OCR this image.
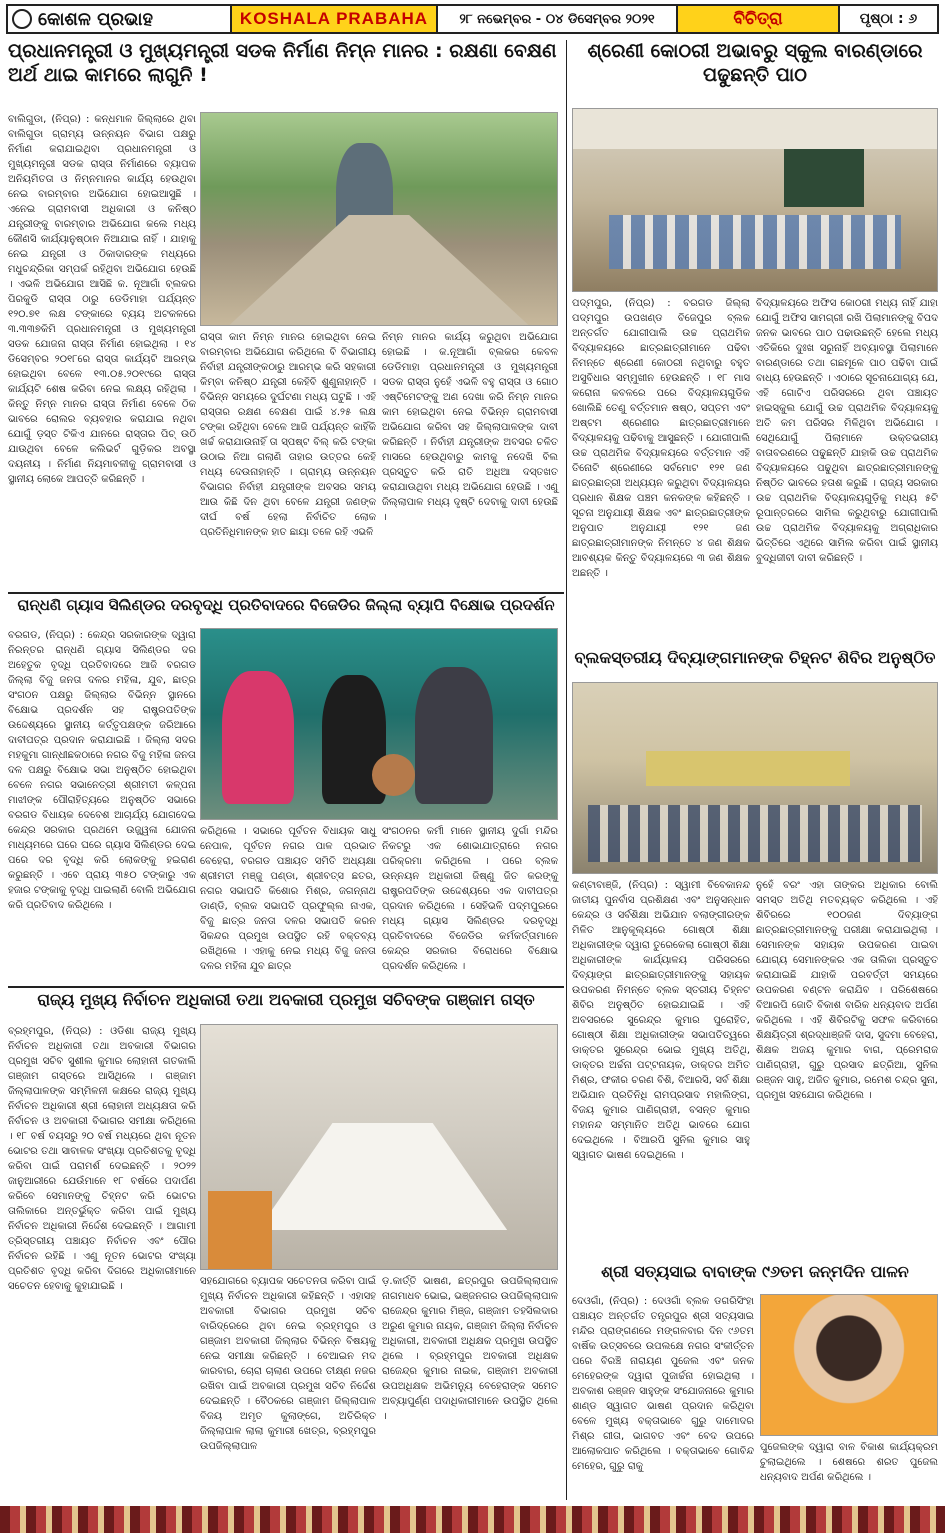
କୋଶଳ ପ୍ରଭାହ	KOSHALA PRABAHA	୨୮ ନଭେମ୍ବର - ୦୪ ଡିସେମ୍ବର ୨୦୨୧	ବିଚିତ୍ରା	ପୃଷ୍ଠା : ୬
ପ୍ରଧାନମନ୍ତ୍ରୀ ଓ ମୁଖ୍ୟମନ୍ତ୍ରୀ ସଡକ ନିର୍ମାଣ ନିମ୍ନ ମାନର : ରକ୍ଷଣା ବେକ୍ଷଣ ଅର୍ଥ ଥାଇ କାମରେ ଲାଗୁନି !
ବାଲିଗୁଡା, (ନିପ୍ର) : କନ୍ଧମାଳ ଜିଲ୍ଲାରେ ଥିବା ବାଲିଗୁଡା ଗ୍ରାମ୍ୟ ଉନ୍ନୟନ ବିଭାଗ ପକ୍ଷରୁ ନିର୍ମାଣ କରାଯାଇଥିବା ପ୍ରଧାନମନ୍ତ୍ରୀ ଓ ମୁଖ୍ୟମନ୍ତ୍ରୀ ସଡକ ରାସ୍ତା ନିର୍ମାଣରେ ବ୍ୟାପକ ଅନିୟମିତତା ଓ ନିମ୍ନମାନର କାର୍ଯ୍ୟ ହେଉଥିବା ନେଇ ବାରମ୍ବାର ଅଭିଯୋଗ ହୋଇଆସୁଛି । ଏନେଇ ଗ୍ରାମବାସୀ ଅଧିକାରୀ ଓ କନିଷ୍ଠ ଯନ୍ତ୍ରୀଙ୍କୁ ବାରମ୍ବାର ଅଭିଯୋଗ କଲେ ମଧ୍ୟ କୌଣସି କାର୍ଯ୍ୟାନୁଷ୍ଠାନ ନିଆଯାଇ ନାହିଁ । ଯାହାକୁ ନେଇ ଯନ୍ତ୍ରୀ ଓ ଠିକାଦାରଙ୍କ ମଧ୍ୟରେ ମଧୁଚନ୍ଦ୍ରିକା ସମ୍ପର୍କ ରହିଥିବା ଅଭିଯୋଗ ହେଉଛି । ଏଭଳି ଅଭିଯୋଗ ଆସିଛି କ. ନୂଆଗାଁ ବ୍ଲକର ପିରକୁଡି ରାସ୍ତା ଠାରୁ ଡେଡିମାହା ପର୍ଯ୍ୟନ୍ତ ୧୨୦.୭୧ ଲକ୍ଷ ଟଙ୍କାରେ ବ୍ୟୟ ଅଟକଳରେ ୩.୩୩୭କିମି ପ୍ରଧାନମନ୍ତ୍ରୀ ଓ ମୁଖ୍ୟମନ୍ତ୍ରୀ ସଡକ ଯୋଜନା ରାସ୍ତା ନିର୍ମାଣ ହୋଇଥିଲା । ୧୪ ଡିସେମ୍ବର ୨୦୧୮ରେ ରାସ୍ତା କାର୍ଯ୍ୟଟି ଆରମ୍ଭ ହୋଇଥିବା ବେଳେ ୧୩.୦୫.୨୦୧୯ରେ ରାସ୍ତା କାର୍ଯ୍ୟଟି ଶେଷ କରିବା ନେଇ ଲକ୍ଷ୍ୟ ରହିଥିଲା । କିନ୍ତୁ ନିମ୍ନ ମାନର ରାସ୍ତା ନିର୍ମାଣ ବେଳେ ଠିକ ଭାବରେ ରୋଲର ବ୍ୟବହାର କରାଯାଇ ନଥିବା ଯୋଗୁଁ ଡ଼ସ୍ତ ଟିକିଏ ଯାନରେ ରାସ୍ତାର ପିଚ୍ ଉଠି ଯାଉଥିବା ବେଳେ କଲିଭର୍ଟ ଗୁଡ଼ିକର ଅବସ୍ଥା ଦୟନୀୟ । ନିର୍ମାଣ ନିୟମାବଳୀକୁ ଗ୍ରାମବାସୀ ଓ ସ୍ଥାନୀୟ ଲୋକେ ଆପତ୍ତି କରିଛନ୍ତି ।
ରାସ୍ତା କାମ ନିମ୍ନ ମାନର ହୋଇଥିବା ନେଇ ବାରମ୍ବାର ଅଭିଯୋଗ କରିଥିଲେ ବି ବିଭାଗୀୟ ନିର୍ବାହୀ ଯନ୍ତ୍ରୀଙ୍କଠାରୁ ଆରମ୍ଭ କରି ସହକାରୀ କିମ୍ବା କନିଷ୍ଠ ଯନ୍ତ୍ରୀ କେହିବି ଶୁଣୁନାହାନ୍ତି । ବିଭିନ୍ନ ସମୟରେ ଦୁର୍ଘଟଣା ମଧ୍ୟ ଘଟୁଛି । ଏହି ରାସ୍ତାର ରକ୍ଷଣ ବେକ୍ଷଣ ପାଇଁ ୪.୨୫ ଲକ୍ଷ ଟଙ୍କା ରହିଥିବା ବେଳେ ଆଜି ପର୍ଯ୍ୟନ୍ତ କାହିଁକି ଖର୍ଚ୍ଚ କରାଯାଉନାହିଁ ତା ସ୍ପଷ୍ଟ ବିଲ୍ କରି ଟଙ୍କା ଉଠାଇ ନିଆ ଗଲାଣି ତାହାର ଉତ୍ତର କେହି ମଧ୍ୟ ଦେଉନାହାନ୍ତି । ଗ୍ରାମ୍ୟ ଉନ୍ନୟନ ବିଭାଗର ନିର୍ବାହୀ ଯନ୍ତ୍ରୀଙ୍କ ଅବସର ସମୟ ଆଉ କିଛି ଦିନ ଥିବା ବେଳେ ଯନ୍ତ୍ରୀ ଜଣଙ୍କ ଦୀର୍ଘ ବର୍ଷ ହେଲା ନିର୍ବାଚିତ ଲୋକ ପ୍ରତିନିଧିମାନଙ୍କ ହାତ ଛାୟା ତଳେ ରହି ଏଭଳି
ନିମ୍ନ ମାନର କାର୍ଯ୍ୟ କରୁଥିବା ଅଭିଯୋଗ ହୋଇଛି । କ.ନୂଆଗାଁ ବ୍ଲକର କେବଳ ଡେଡିମାହା ପ୍ରଧାନମନ୍ତ୍ରୀ ଓ ମୁଖ୍ୟମନ୍ତ୍ରୀ ସଡକ ରାସ୍ତା ନୁହେଁ ଏଭଳି ବହୁ ରାସ୍ତା ଓ ଗୋଠ ଏଷ୍ଟିମେଟଙ୍କୁ ଅଣ ଦେଖା କରି ନିମ୍ନ ମାନର କାମ ହୋଇଥିବା ନେଇ ବିଭିନ୍ନ ଗ୍ରାମବାସୀ ଅଭିଯୋଗ କରିବା ସହ ଜିଲ୍ଲାପାଳଙ୍କ ଦାବୀ କରିଛନ୍ତି । ନିର୍ବାହୀ ଯନ୍ତ୍ରୀଙ୍କ ଅବସର ଚଳିତ ମାସରେ ହେଉଥିବାରୁ କାମକୁ ନଦେଖି ବିଲ ପ୍ରସ୍ତୁତ କରି ରାତି ଅଧିଆ ଦସ୍ତଖତ କରାଯାଉଥିବା ମଧ୍ୟ ଅଭିଯୋଗ ହେଉଛି । ଏଣୁ ଜିଲ୍ଲାପାଳ ମଧ୍ୟ ଦୃଷ୍ଟି ଦେବାକୁ ଦାବୀ ହେଉଛି ।
ଶ୍ରେଣୀ କୋଠରୀ ଅଭାବରୁ ସ୍କୁଲ ବାରଣ୍ଡାରେ ପଢୁଛନ୍ତି ପାଠ
ପଦ୍ମପୁର, (ନିପ୍ର) : ବରଗଡ ଜିଲ୍ଲା ପଦ୍ମପୁର ଉପଖଣ୍ଡ ବିଜେପୁର ବ୍ଲକ ଅନ୍ତର୍ଗତ ଯୋଗୀପାଲି ଉଚ୍ଚ ପ୍ରାଥମିକ ବିଦ୍ୟାଳୟରେ ଛାତ୍ରଛାତ୍ରୀମାନେ ପଢିବା ନିମନ୍ତେ ଶ୍ରେଣୀ କୋଠରୀ ନଥିବାରୁ ବହୁତ ଅସୁବିଧାର ସମ୍ମୁଖୀନ ହେଉଛନ୍ତି । ୧୮ ମାସ କରୋନା କବଳରେ ପରେ ବିଦ୍ୟାଳୟଗୁଡିକ ଖୋଲିଛି ତେଣୁ ବର୍ତ୍ତମାନ ଷଷ୍ଠ, ସପ୍ତମ ଏବଂ ଅଷ୍ଟମ ଶ୍ରେଣୀର ଛାତ୍ରଛାତ୍ରୀମାନେ ବିଦ୍ୟାଳୟକୁ ପଢିବାକୁ ଆସୁଛନ୍ତି । ଯୋଗୀପାଲି ଉଚ୍ଚ ପ୍ରାଥମିକ ବିଦ୍ୟାଳୟରେ ବର୍ତ୍ତମାନ ଏହି ତିନୋଟି ଶ୍ରେଣୀରେ ସର୍ବମୋଟ ୧୨୧ ଜଣ ଛାତ୍ରଛାତ୍ରୀ ଅଧ୍ୟୟନ କରୁଥିବା ବିଦ୍ୟାଳୟର ପ୍ରଧାନ ଶିକ୍ଷକ ପଞ୍ଚମ କନକଙ୍କ କହିଛନ୍ତି । ସୂଚନା ଅନୁଯାୟୀ ଶିକ୍ଷକ ଏବଂ ଛାତ୍ରଛାତ୍ରୀଙ୍କ ଅନୁପାତ ଅନୁଯାୟୀ ୧୨୧ ଜଣ ଛାତ୍ରଛାତ୍ରୀମାନଙ୍କ ନିମନ୍ତେ ୪ ଜଣ ଶିକ୍ଷକ ଆବଶ୍ୟକ କିନ୍ତୁ ବିଦ୍ୟାଳୟରେ ୩ ଜଣ ଶିକ୍ଷକ ଅଛନ୍ତି ।
ବିଦ୍ୟାଳୟରେ ଅଫିସ କୋଠରୀ ମଧ୍ୟ ନାହିଁ ଯାହା ଯୋଗୁଁ ଅଫିସ ସାମଗ୍ରୀ ରଖି ପିଲାମାନଙ୍କୁ ବିପଦ ଜନକ ଭାବରେ ପାଠ ପଢାଉଛନ୍ତି ହେଲେ ମଧ୍ୟ ଏତିକିରେ ଦୁଃଖ ସରୁନାହିଁ ଅବ୍ୟାବସ୍ଥା ପିଲାମାନେ ବାରଣ୍ଡାରେ ତଥା ଗଛମୂଳେ ପାଠ ପଢିବା ପାଇଁ ବାଧ୍ୟ ହେଉଛନ୍ତି । ଏଠାରେ ସୂଚନାଯୋଗ୍ୟ ଯେ, ଏହି ଗୋଟିଏ ପରିସରରେ ଥିବା ପଞ୍ଚାୟତ ହାଇସ୍କୁଲ ଯୋଗୁଁ ଉଚ୍ଚ ପ୍ରାଥମିକ ବିଦ୍ୟାଳୟକୁ ଅତି କମ ପରିସର ମିଳିଥିବା ଅଭିଯୋଗ । ସେଥିଯୋଗୁଁ ପିଲାମାନେ ଉକ୍ତଭରୀୟ ବାତାବରଣରେ ପଢୁଛନ୍ତି ଯାହାକି ଉଚ୍ଚ ପ୍ରାଥମିକ ବିଦ୍ୟାଳୟରେ ପଢୁଥିବା ଛାତ୍ରଛାତ୍ରୀମାନଙ୍କୁ ନିଷ୍ଠିତ ଭାବରେ ହତାଶ କରୁଛି । ରାଜ୍ୟ ସରକାର ଉଚ୍ଚ ପ୍ରାଥମିକ ବିଦ୍ୟାଳୟଗୁଡ଼ିକୁ ମଧ୍ୟ ୫ଟି ରୂପାନ୍ତରରେ ସାମିଲ କରୁଥିବାରୁ ଯୋଗୀପାଲି ଉଚ୍ଚ ପ୍ରାଥମିକ ବିଦ୍ୟାଳୟକୁ ଅଗ୍ରାଧିକାର ଭିତ୍ତିରେ ଏଥିରେ ସାମିଲ କରିବା ପାଇଁ ସ୍ଥାନୀୟ ବୁଦ୍ଧିଜୀବୀ ଦାବୀ କରିଛନ୍ତି ।
ରାନ୍ଧଣି ଗ୍ୟାସ ସିଲିଣ୍ଡର ଦରବୃଦ୍ଧି ପ୍ରତିବାଦରେ ବିଜେଡିର ଜିଲ୍ଲା ବ୍ୟାପି ବିକ୍ଷୋଭ ପ୍ରଦର୍ଶନ
ବରଗଡ, (ନିପ୍ର) : କେନ୍ଦ୍ର ସରକାରଙ୍କ ଦ୍ୱାରା ନିରନ୍ତର ରାନ୍ଧଣି ଗ୍ୟାସ ସିଲିଣ୍ଡର ଦର ଅହେତୁକ ବୃଦ୍ଧି ପ୍ରତିବାଦରେ ଆଜି ବରଗଡ ଜିଲ୍ଲା ବିଜୁ ଜନତା ଦଳର ମହିଳା, ଯୁବ, ଛାତ୍ର ସଂଗଠନ ପକ୍ଷରୁ ଜିଲ୍ଲାର ବିଭିନ୍ନ ସ୍ଥାନରେ ବିକ୍ଷୋଭ ପ୍ରଦର୍ଶନ ସହ ରାଷ୍ଟ୍ରପତିଙ୍କ ଉଦ୍ଦେଶ୍ୟରେ ସ୍ଥାନୀୟ କର୍ତ୍ତୃପକ୍ଷଙ୍କ ଜରିଆରେ ଦାବୀପତ୍ର ପ୍ରଦାନ କରାଯାଇଛି । ଜିଲ୍ଲା ସଦର ମହକୁମା ଗାନ୍ଧୀଛକଠାରେ ନଗର ବିଜୁ ମହିଳା ଜନତା ଦଳ ପକ୍ଷରୁ ବିକ୍ଷୋଭ ସଭା ଅନୁଷ୍ଠିତ ହୋଇଥିବା ବେଳେ ନଗର ସଭାନେତ୍ରୀ ଶ୍ରୀମତୀ କଳ୍ପନା ମାଝୀଙ୍କ ପୌରାହିତ୍ୟରେ ଅନୁଷ୍ଠିତ ସଭାରେ ବରଗଡ ବିଧାୟକ ଦେବେଶ ଆଚାର୍ଯ୍ୟ ଯୋଗଦେଇ କେନ୍ଦ୍ର ସରକାର ପ୍ରଥମେ ଉଜ୍ଜ୍ୱଳା ଯୋଜନା ମାଧ୍ୟମରେ ଘରେ ଘରେ ଗ୍ୟାସ ସିଲିଣ୍ଡର ଦେଇ ପରେ ଦର ବୃଦ୍ଧି କରି ଲୋକଙ୍କୁ ହଇରାଣ କରୁଛନ୍ତି । ଏବେ ପ୍ରାୟ ୩୫୦ ଟଙ୍କାରୁ ଏକ ହଜାର ଟଙ୍କାକୁ ବୃଦ୍ଧି ପାଇଲାଣି ବୋଲି ଅଭିଯୋଗ କରି ପ୍ରତିବାଦ କରିଥିଲେ ।
କରିଥିଲେ । ସଭାରେ ପୂର୍ବତନ ବିଧାୟକ ସାଧୁ ନେପାଳ, ପୂର୍ବତନ ନଗର ପାଳ ପ୍ରଭାତ ବେହେରା, ବରଗଡ ପଞ୍ଚାୟତ ସମିତି ଅଧ୍ୟକ୍ଷା ଶ୍ରୀମତୀ ମଞ୍ଜୁ ପଣ୍ଡା, ଶ୍ରୀବତ୍ସ ଛତର, ନଗର ସଭାପତି କିଶୋର ମିଶ୍ର, ଜଗନ୍ନାଥ ଡାଣ୍ଡି, ବ୍ଲକ ସଭାପତି ପ୍ରଫୁଲ୍ଲ ନାଏକ, ବିଜୁ ଛାତ୍ର ଜନତା ଦଳର ସଭାପତି କରନ ସିକନ୍ଦର ପ୍ରମୁଖ ଉପସ୍ଥିତ ରହି ବକ୍ତବ୍ୟ ରଖିଥିଲେ । ଏହାକୁ ନେଇ ମଧ୍ୟ ବିଜୁ ଜନତା ଦଳର ମହିଳା ଯୁବ ଛାତ୍ର
ସଂଗଠନର କର୍ମୀ ମାନେ ସ୍ଥାନୀୟ ଦୁର୍ଗା ମନ୍ଦିର ନିକଟରୁ ଏକ ଶୋଭାଯାତ୍ରାରେ ନଗର ପରିକ୍ରମା କରିଥିଲେ । ପରେ ବ୍ଲକ ଉନ୍ନୟନ ଅଧିକାରୀ ଜିଷ୍ଣୁ ଜିତ କରଙ୍କୁ ରାଷ୍ଟ୍ରପତିଙ୍କ ଉଦ୍ଦେଶ୍ୟରେ ଏକ ଦାବୀପତ୍ର ପ୍ରଦାନ କରିଥିଲେ । ସେହିଭଳି ପଦ୍ମପୁରରେ ମଧ୍ୟ ଗ୍ୟାସ ସିଲିଣ୍ଡର ଦରବୃଦ୍ଧି ପ୍ରତିବାଦରେ ବିଜେଡିର କର୍ମକର୍ତ୍ତାମାନେ କେନ୍ଦ୍ର ସରକାର ବିରୋଧରେ ବିକ୍ଷୋଭ ପ୍ରଦର୍ଶନ କରିଥିଲେ ।
ବ୍ଲକସ୍ତରୀୟ ଦିବ୍ୟାଙ୍ଗମାନଙ୍କ ଚିହ୍ନଟ ଶିବିର ଅନୁଷ୍ଠିତ
କଣ୍ଟାବାଞ୍ଜି, (ନିପ୍ର) : ସ୍ୱାମୀ ବିବେକାନନ୍ଦ ଜାତୀୟ ପୁନର୍ବାସ ପ୍ରଶିକ୍ଷଣ ଏବଂ ଅନୁସନ୍ଧାନ କେନ୍ଦ୍ର ଓ ସର୍ବଶିକ୍ଷା ଅଭିଯାନ ବଲାଙ୍ଗୀରଙ୍କ ମିଳିତ ଆନୁକୂଲ୍ୟରେ ଗୋଷ୍ଠୀ ଶିକ୍ଷା ଅଧିକାରୀଙ୍କ ଦ୍ୱାରା ତୁରେକେଲା ଗୋଷ୍ଠୀ ଶିକ୍ଷା ଅଧିକାରୀଙ୍କ କାର୍ଯ୍ୟାଳୟ ପରିସରରେ ଦିବ୍ୟାଙ୍ଗ ଛାତ୍ରଛାତ୍ରୀମାନଙ୍କୁ ସହାୟକ ଉପକରଣ ନିମନ୍ତେ ବ୍ଲକ ସ୍ତରୀୟ ଚିହ୍ନଟ ଶିବିର ଅନୁଷ୍ଠିତ ହୋଇଯାଇଛି । ଏହି ଅବସରରେ ସୁରେନ୍ଦ୍ର କୁମାର ପୁରୋହିତ, ଗୋଷ୍ଠୀ ଶିକ୍ଷା ଅଧିକାରୀଙ୍କ ସଭାପତିତ୍ୱରେ ଡାକ୍ତର ସୁରେନ୍ଦ୍ର ଭୋଇ ମୁଖ୍ୟ ଅତିଥି, ଡାକ୍ତର ଅର୍ଚ୍ଚନା ପଟ୍ଟନାୟକ, ଡାକ୍ତର ଅମିତ ମିଶ୍ର, ଫକୀର ଚରଣ ବିଶି, ବିଆରସି, ସର୍ବ ଶିକ୍ଷା ଅଭିଯାନ ପ୍ରତିନିଧି ରାମପ୍ରସାଦ ମହାଲିଙ୍ଗ, ବିଜୟ କୁମାର ପାଣିଗ୍ରାହୀ, ବସନ୍ତ କୁମାର ମହାନନ୍ଦ ସମ୍ମାନିତ ଅତିଥି ଭାବରେ ଯୋଗ ଦେଇଥିଲେ । ବିଆରପି ସୁନିଲ କୁମାର ସାହୁ ସ୍ୱାଗତ ଭାଷଣ ଦେଇଥିଲେ ।
ନୁହେଁ ବରଂ ଏହା ତାଙ୍କର ଅଧିକାର ବୋଲି ସମସ୍ତ ଅତିଥି ମତବ୍ୟକ୍ତ କରିଥିଲେ । ଏହି ଶିବିରରେ ୧୦୦ଜଣ ଦିବ୍ୟାଙ୍ଗ ଛାତ୍ରଛାତ୍ରୀମାନଙ୍କୁ ପରୀକ୍ଷା କରାଯାଇଥିଲା । ସେମାନଙ୍କ ସହାୟକ ଉପକରଣ ପାଇବା ଯୋଗ୍ୟ ସେମାନଙ୍କର ଏକ ତାଲିକା ପ୍ରସ୍ତୁତ କରାଯାଇଛି ଯାହାକି ପରବର୍ତ୍ତୀ ସମୟରେ ଉପକରଣ ବଣ୍ଟନ କରାଯିବ । ପରିଶେଷରେ ବିଆରପି ଜୋତି ବିକାଶ ବାରିକ ଧନ୍ୟବାଦ ଅର୍ପଣ କରିଥିଲେ । ଏହି ଶିବିରଟିକୁ ସଫଳ କରିବାରେ ଶିକ୍ଷୟିତ୍ରୀ ଶ୍ରଦ୍ଧାଞ୍ଜଳି ଦାସ, ସୁଦମା ବେହେରା, ଶିକ୍ଷକ ଅଜୟ କୁମାର ବାଗ, ପ୍ରେମରାଜ ପାଣିଗ୍ରାହୀ, ଗୁରୁ ପ୍ରସାଦ ଛତ୍ରିଆ, ସୁନିଲ ରଞ୍ଜନ ସାହୁ, ଅଜିତ କୁମାର, ରମେଶ ଚନ୍ଦ୍ର ସୁନା, ପ୍ରମୁଖ ସହଯୋଗ କରିଥିଲେ ।
ରାଜ୍ୟ ମୁଖ୍ୟ ନିର୍ବାଚନ ଅଧିକାରୀ ତଥା ଅବକାରୀ ପ୍ରମୁଖ ସଚିବଙ୍କ ଗଞ୍ଜାମ ଗସ୍ତ
ବ୍ରହ୍ମପୁର, (ନିପ୍ର) : ଓଡିଶା ରାଜ୍ୟ ମୁଖ୍ୟ ନିର୍ବାଚନ ଅଧିକାରୀ ତଥା ଅବକାରୀ ବିଭାଗର ପ୍ରମୁଖ ସଚିବ ସୁଶୀଲ କୁମାର ଲୋହାନୀ ଗତକାଲି ଗଞ୍ଜାମ ଗସ୍ତରେ ଆସିଥିଲେ । ଗଞ୍ଜାମ ଜିଲ୍ଲାପାଳଙ୍କ ସମ୍ମିଳନୀ କକ୍ଷରେ ରାଜ୍ୟ ମୁଖ୍ୟ ନିର୍ବାଚନ ଅଧିକାରୀ ଶ୍ରୀ ଲୋହାନୀ ଅଧ୍ୟକ୍ଷତା କରି ନିର୍ବାଚନ ଓ ଅବକାରୀ ବିଭାଗର ସମୀକ୍ଷା କରିଥିଲେ । ୧୮ ବର୍ଷ ବୟସରୁ ୨୦ ବର୍ଷ ମଧ୍ୟରେ ଥିବା ନୂତନ ଭୋଟର ତଥା ସାବାଳକ ସଂଖ୍ୟା ପ୍ରତିଶତକୁ ବୃଦ୍ଧି କରିବା ପାଇଁ ପରାମର୍ଶ ଦେଇଛନ୍ତି । ୨୦୨୨ ଜାନୁଆରୀରେ ଯେଉଁମାନେ ୧୮ ବର୍ଷରେ ପଦାର୍ପଣ କରିବେ ସେମାନଙ୍କୁ ଚିହ୍ନଟ କରି ଭୋଟର ତାଲିକାରେ ଅନ୍ତର୍ଭୁକ୍ତ କରିବା ପାଇଁ ମୁଖ୍ୟ ନିର୍ବାଚନ ଅଧିକାରୀ ନିର୍ଦ୍ଦେଶ ଦେଇଛନ୍ତି । ଆଗାମୀ ତ୍ରିସ୍ତରୀୟ ପଞ୍ଚାୟତ ନିର୍ବାଚନ ଏବଂ ପୌର ନିର୍ବାଚନ ରହିଛି । ଏଣୁ ନୂତନ ଭୋଟର ସଂଖ୍ୟା ପ୍ରତିଶତ ବୃଦ୍ଧି କରିବା ଦିଗରେ ଅଧିକାରୀମାନେ ସଚେତନ ହେବାକୁ କୁହାଯାଇଛି ।	ସହଯୋଗରେ ବ୍ୟାପକ ସଚେତନତା କରିବା ପାଇଁ ମୁଖ୍ୟ ନିର୍ବାଚନ ଅଧିକାରୀ କହିଛନ୍ତି । ଏହାସହ ଅବକାରୀ ବିଭାଗର ପ୍ରମୁଖ ସଚିବ ବାରିଦ୍ରେରେ ଥିବା ନେଇ ବ୍ରହ୍ମପୁର ଓ ଗଞ୍ଜାମ ଅବକାରୀ ଜିଲ୍ଲାର ବିଭିନ୍ନ ବିଷୟକୁ ନେଇ ସମୀକ୍ଷା କରିଛନ୍ତି । ବେଆଇନ ମଦ କାରବାର, ଚୋରା ଚାଲାଣ ଉପରେ ତୀକ୍ଷ୍ଣ ନଜର ରଖିବା ପାଇଁ ଅବକାରୀ ପ୍ରମୁଖ ସଚିବ ନିର୍ଦ୍ଦେଶ ଦେଇଛନ୍ତି । ବୈଠକରେ ଗଞ୍ଜାମ ଜିଲ୍ଲାପାଳ ବିଜୟ ଅମୃତ କୁଲାଙ୍ଗେ, ଅତିରିକ୍ତ ଜିଲ୍ଲାପାଳ ଲାଲା କୁମାରୀ ଖେତ୍ର, ବ୍ରହ୍ମପୁର ଉପଜିଲ୍ଲାପାଳ
ଡ଼.କାର୍ତ୍ତି ଭାଷଣ, ଛତ୍ରପୁର ଉପଜିଲ୍ଲାପାଳ ନାଗମାଧବ ଭୋଇ, ଭଞ୍ଜନଗର ଉପଜିଲ୍ଲାପାଳ ରାଜେନ୍ଦ୍ର କୁମାର ମିଞ୍ଜ, ଗଞ୍ଜାମ ତହସିଲଦାର ଅରୁଣ କୁମାର ନାୟକ, ଗଞ୍ଜାମ ଜିଲ୍ଲା ନିର୍ବାଚନ ଅଧିକାରୀ, ଅବକାରୀ ଅଧିକ୍ଷକ ପ୍ରମୁଖ ଉପସ୍ଥିତ ଥିଲେ । ବ୍ରହ୍ମପୁର ଅବକାରୀ ଅଧିକ୍ଷକ ରାଜେନ୍ଦ୍ର କୁମାର ନାଇକ, ଗଞ୍ଜାମ ଅବକାରୀ ଉପଅଧିକ୍ଷକ ଅଭିମନ୍ୟୁ ବେହେରାଙ୍କ ସମେତ ଅବ୍ୟାପୁର୍ଣ୍ଣ ପଦାଧିକାରୀମାନେ ଉପସ୍ଥିତ ଥିଲେ ।
ଶ୍ରୀ ସତ୍ୟସାଇ ବାବାଙ୍କ ୯୬ତମ ଜନ୍ମଦିନ ପାଳନ
ଦେଓଗାଁ, (ନିପ୍ର) : ଦେଓଗାଁ ବ୍ଲକ ଡଗରିସିଂହା ପଞ୍ଚାୟତ ଅନ୍ତର୍ଗତ ତନ୍ତ୍ରପୁର ଶ୍ରୀ ସତ୍ୟସାଇ ମନ୍ଦିର ପ୍ରାଙ୍ଗଣରେ ମଙ୍ଗଳବାର ଦିନ ୯୬ତମ ବାର୍ଷିକ ଉତ୍ସବରେ ଉପଲକ୍ଷେ ନଗର ସଂକୀର୍ତ୍ତନ ପରେ ବିରଞ୍ଚି ନାରାୟଣ ପୁଜେଲ ଏବଂ ଜନକ ମେହେରଙ୍କ ଦ୍ୱାରା ପୁଜାର୍ଚ୍ଚନା ହୋଇଥିଲା । ଅବକାଶ ରଞ୍ଜନ ସାହୁଙ୍କ ସଂଯୋଜନାରେ କୁମାର ଶାଣ୍ଡ ସ୍ୱାଗତ ଭାଷଣ ପ୍ରଦାନ କରିଥିବା ବେଳେ ମୁଖ୍ୟ ବକ୍ତାଭାବେ ଗୁରୁ ଦାମୋଦର ମିଶ୍ର ଗୀତା, ଭାଗବତ ଏବଂ ବେଦ ଉପରେ ଆଲୋକପାତ କରିଥିଲେ । ବକ୍ତାଭାବେ ଗୋବିନ୍ଦ ମେହେର, ଗୁରୁ ରାକୁ
ପୁଜେଲଙ୍କ ଦ୍ୱାରା ବାଳ ବିକାଶ କାର୍ଯ୍ୟକ୍ରମ ଚୁଲାଇଥିଲେ । ଶେଷରେ ଶରତ ପୁଜେଲ ଧନ୍ୟବାଦ ଅର୍ପଣ କରିଥିଲେ ।
